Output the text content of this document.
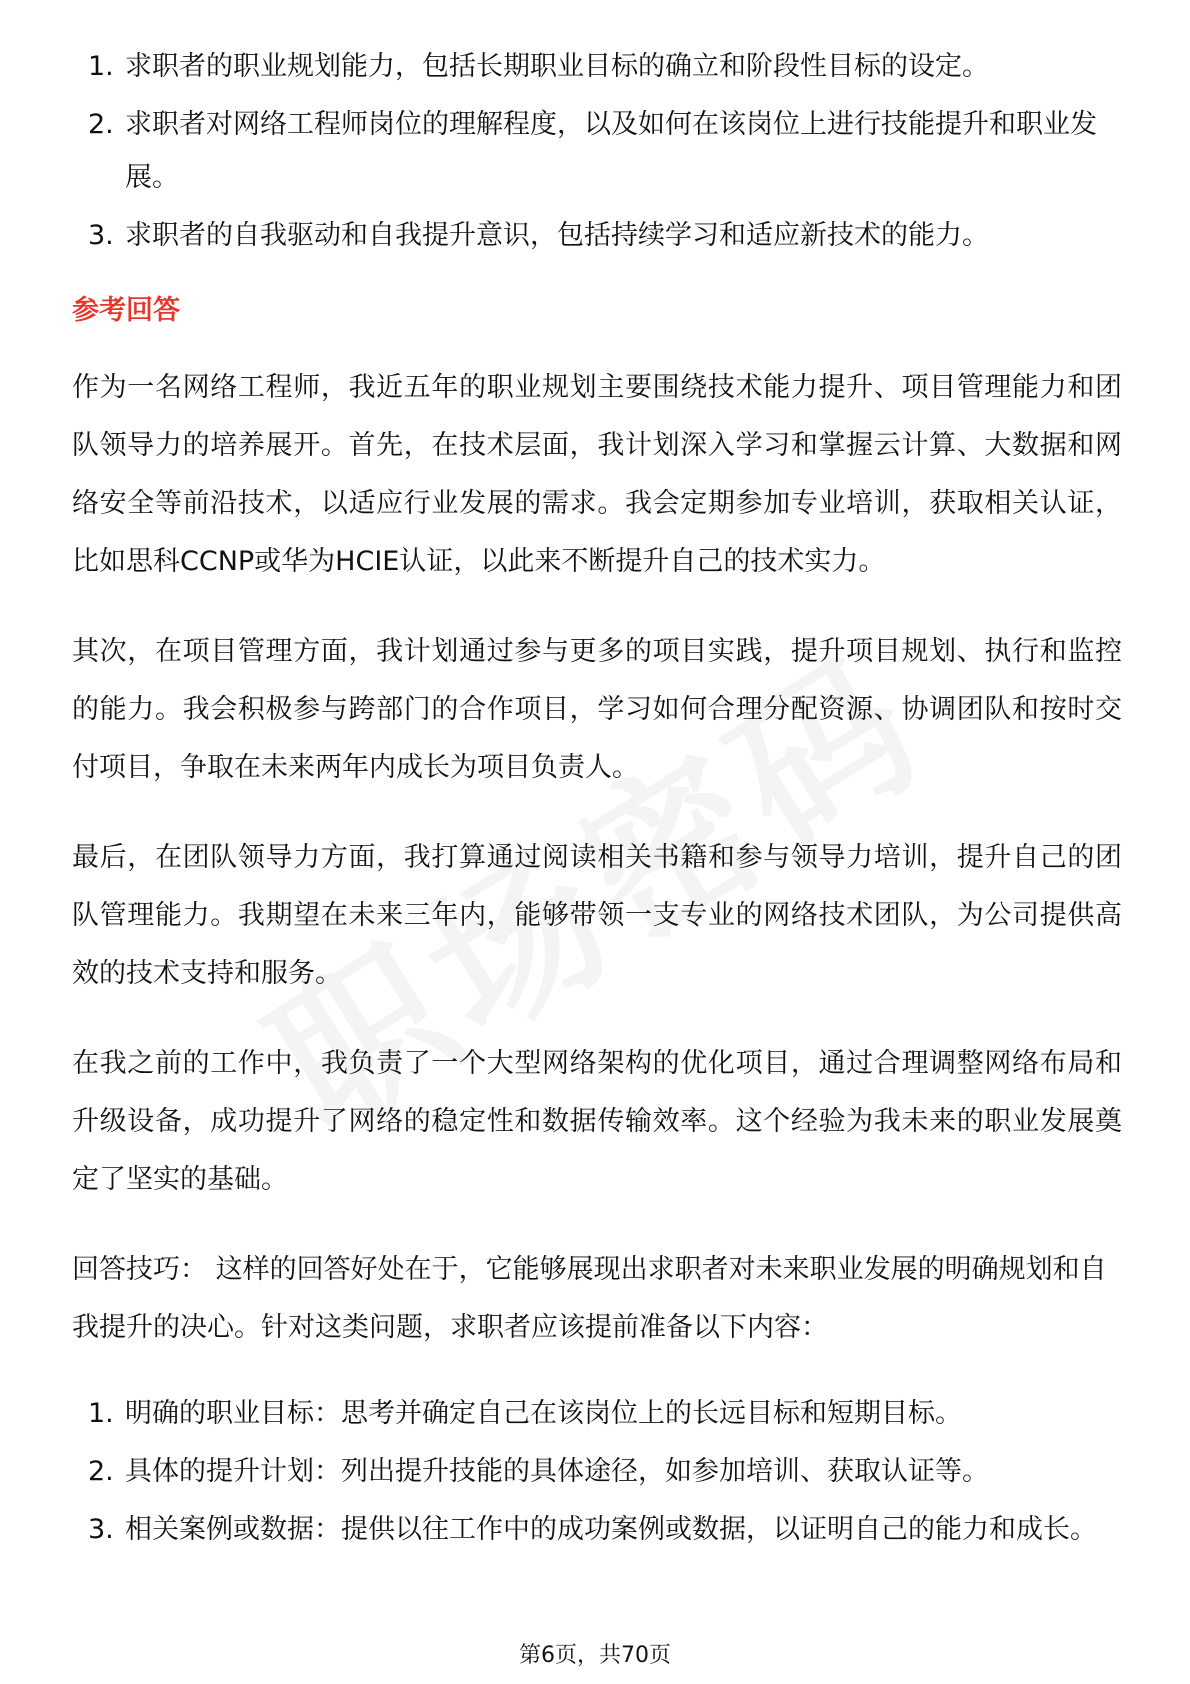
1. 求职者的职业规划能力，包括长期职业目标的确立和阶段性目标的设定。
2. 求职者对网络工程师岗位的理解程度，以及如何在该岗位上进行技能提升和职业发展。
3. 求职者的自我驱动和自我提升意识，包括持续学习和适应新技术的能力。
参考回答

作为一名网络工程师，我近五年的职业规划主要围绕技术能力提升、项目管理能力和团队领导力的培养展开。首先，在技术层面，我计划深入学习和掌握云计算、大数据和网络安全等前沿技术，以适应行业发展的需求。我会定期参加专业培训，获取相关认证，比如思科CCNP或华为HCIE认证，以此来不断提升自己的技术实力。

其次，在项目管理方面，我计划通过参与更多的项目实践，提升项目规划、执行和监控的能力。我会积极参与跨部门的合作项目，学习如何合理分配资源、协调团队和按时交付项目，争取在未来两年内成长为项目负责人。

最后，在团队领导力方面，我打算通过阅读相关书籍和参与领导力培训，提升自己的团队管理能力。我期望在未来三年内，能够带领一支专业的网络技术团队，为公司提供高效的技术支持和服务。

在我之前的工作中，我负责了一个大型网络架构的优化项目，通过合理调整网络布局和升级设备，成功提升了网络的稳定性和数据传输效率。这个经验为我未来的职业发展奠定了坚实的基础。

回答技巧： 这样的回答好处在于，它能够展现出求职者对未来职业发展的明确规划和自我提升的决心。针对这类问题，求职者应该提前准备以下内容：

1. 明确的职业目标：思考并确定自己在该岗位上的长远目标和短期目标。
2. 具体的提升计划：列出提升技能的具体途径，如参加培训、获取认证等。
3. 相关案例或数据：提供以往工作中的成功案例或数据，以证明自己的能力和成长。
第6页，共70页
